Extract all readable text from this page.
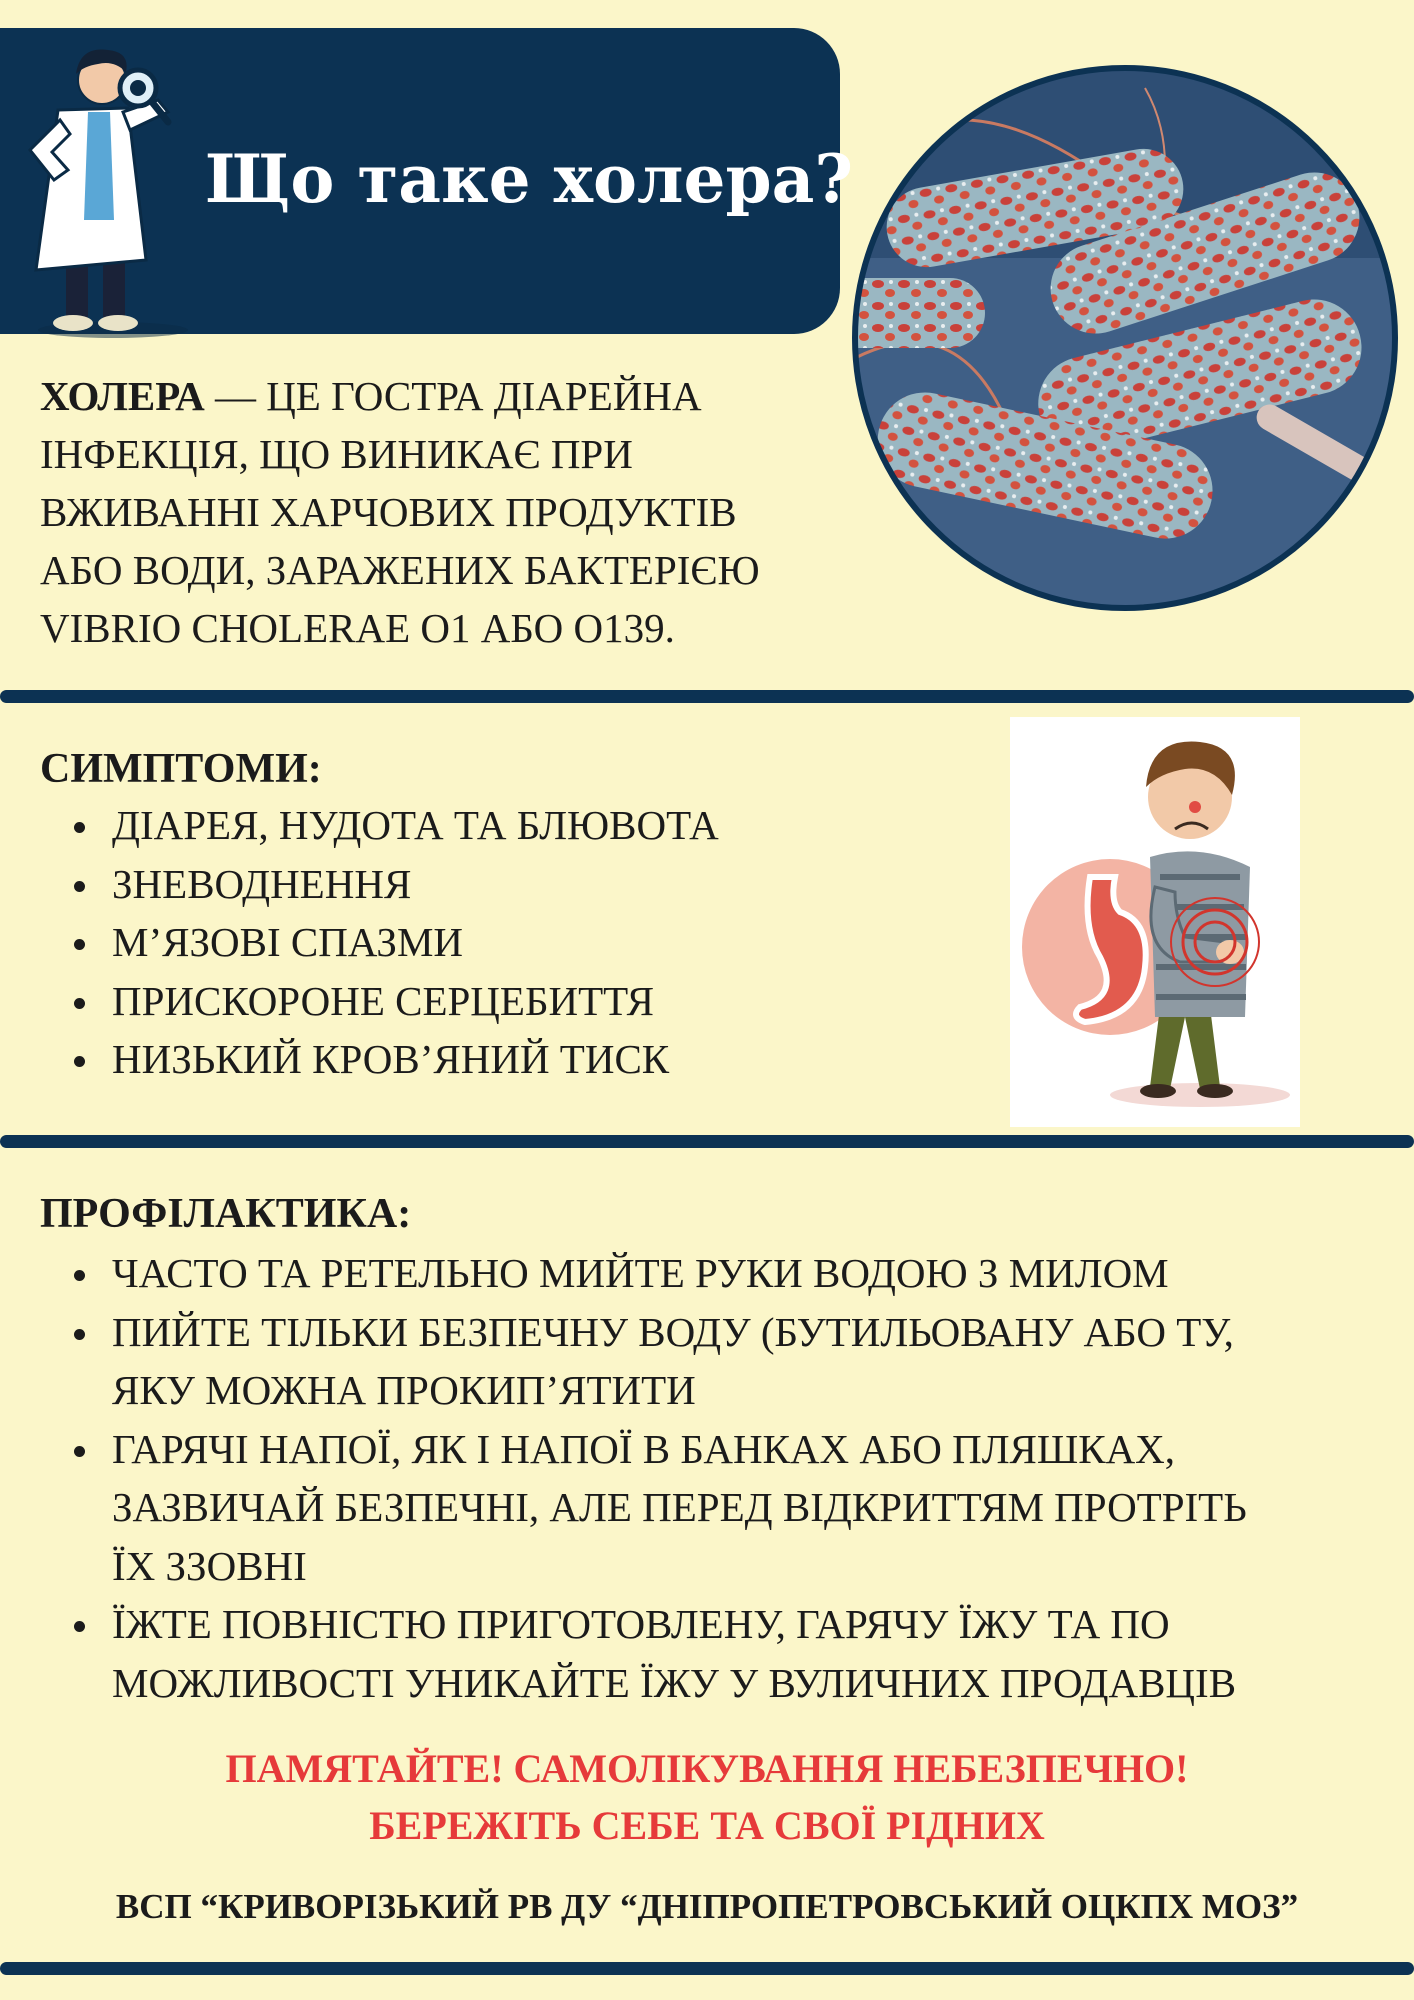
Що таке холера?
ХОЛЕРА — ЦЕ ГОСТРА ДІАРЕЙНА
ІНФЕКЦІЯ, ЩО ВИНИКАЄ ПРИ
ВЖИВАННІ ХАРЧОВИХ ПРОДУКТІВ
АБО ВОДИ, ЗАРАЖЕНИХ БАКТЕРІЄЮ
VIBRIO CHOLERAE O1 АБО O139.
СИМПТОМИ:
ДІАРЕЯ, НУДОТА ТА БЛЮВОТА
ЗНЕВОДНЕННЯ
М’ЯЗОВІ СПАЗМИ
ПРИСКОРОНЕ СЕРЦЕБИТТЯ
НИЗЬКИЙ КРОВ’ЯНИЙ ТИСК
ПРОФІЛАКТИКА:
ЧАСТО ТА РЕТЕЛЬНО МИЙТЕ РУКИ ВОДОЮ З МИЛОМ
ПИЙТЕ ТІЛЬКИ БЕЗПЕЧНУ ВОДУ (БУТИЛЬОВАНУ АБО ТУ,
ЯКУ МОЖНА ПРОКИП’ЯТИТИ
ГАРЯЧІ НАПОЇ, ЯК І НАПОЇ В БАНКАХ АБО ПЛЯШКАХ,
ЗАЗВИЧАЙ БЕЗПЕЧНІ, АЛЕ ПЕРЕД ВІДКРИТТЯМ ПРОТРІТЬ
ЇХ ЗЗОВНІ
ЇЖТЕ ПОВНІСТЮ ПРИГОТОВЛЕНУ, ГАРЯЧУ ЇЖУ ТА ПО
МОЖЛИВОСТІ УНИКАЙТЕ ЇЖУ У ВУЛИЧНИХ ПРОДАВЦІВ
ПАМЯТАЙТЕ! САМОЛІКУВАННЯ НЕБЕЗПЕЧНО!
БЕРЕЖІТЬ СЕБЕ ТА СВОЇ РІДНИХ
ВСП “КРИВОРІЗЬКИЙ РВ ДУ “ДНІПРОПЕТРОВСЬКИЙ ОЦКПХ МОЗ”
